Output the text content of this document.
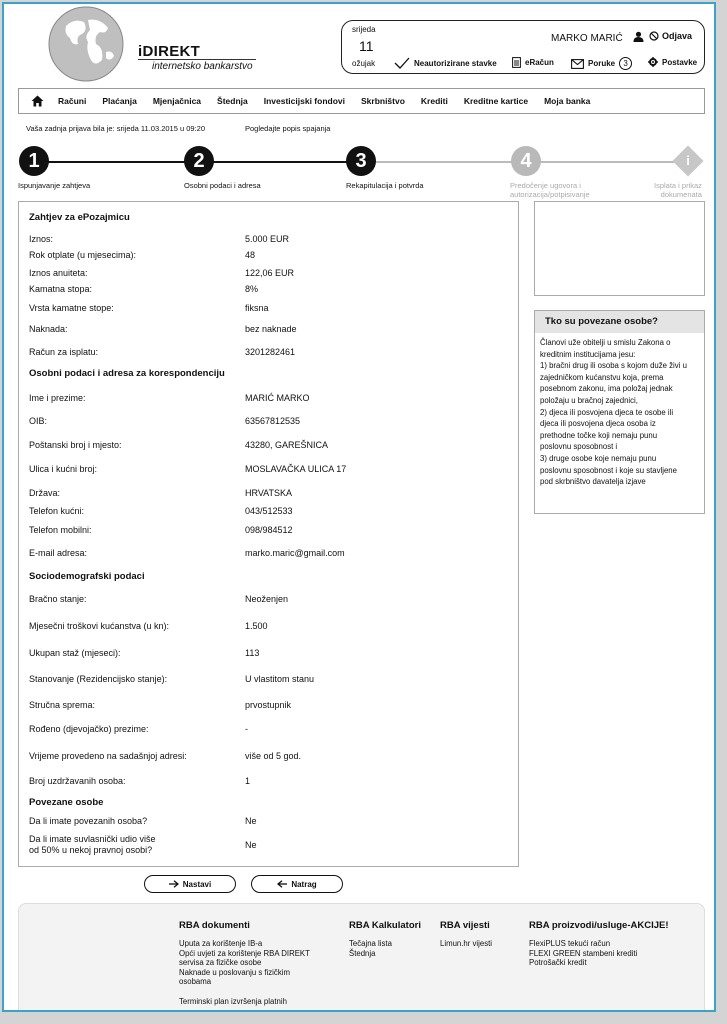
iDIREKT
internetsko bankarstvo
srijeda
11
ožujak
MARKO MARIĆ	Odjava
Neautorizirane stavke	eRačun	Poruke	3	Postavke
Računi Plaćanja Mjenjačnica Štednja Investicijski fondovi Skrbništvo Krediti Kreditne kartice Moja banka
Vaša zadnja prijava bila je: srijeda 11.03.2015 u 09:20	Pogledajte popis spajanja
1	2	3	4	i
Ispunjavanje zahtjeva	Osobni podaci i adresa	Rekapitulacija i potvrda	Predočenje ugovora i
autorizacija/potpisivanje
Isplata i prikaz
dokumenata
Zahtjev za ePozajmicu
Iznos:	5.000 EUR
Rok otplate (u mjesecima):	48
Iznos anuiteta:	122,06 EUR
Kamatna stopa:	8%
Vrsta kamatne stope:	fiksna
Naknada:	bez naknade
Račun za isplatu:	3201282461
Osobni podaci i adresa za korespondenciju
Ime i prezime:	MARIĆ MARKO
OIB:	63567812535
Poštanski broj i mjesto:	43280, GAREŠNICA
Ulica i kućni broj:	MOSLAVAČKA ULICA 17
Država:	HRVATSKA
Telefon kućni:	043/512533
Telefon mobilni:	098/984512
E-mail adresa:	marko.maric@gmail.com
Sociodemografski podaci
Bračno stanje:	Neoženjen
Mjesečni troškovi kućanstva (u kn):	1.500
Ukupan staž (mjeseci):	113
Stanovanje (Rezidencijsko stanje):	U vlastitom stanu
Stručna sprema:	prvostupnik
Rođeno (djevojačko) prezime:	-
Vrijeme provedeno na sadašnjoj adresi:	više od 5 god.
Broj uzdržavanih osoba:	1
Povezane osobe
Da li imate povezanih osoba?	Ne
Da li imate suvlasnički udio više
od 50% u nekoj pravnoj osobi?	Ne
Tko su povezane osobe?
Članovi uže obitelji u smislu Zakona o
kreditnim institucijama jesu:
1) bračni drug ili osoba s kojom duže živi u
zajedničkom kućanstvu koja, prema
posebnom zakonu, ima položaj jednak
položaju u bračnoj zajednici,
2) djeca ili posvojena djeca te osobe ili
djeca ili posvojena djeca osoba iz
prethodne točke koji nemaju punu
poslovnu sposobnost i
3) druge osobe koje nemaju punu
poslovnu sposobnost i koje su stavljene
pod skrbništvo davatelja izjave
Nastavi	Natrag
RBA dokumenti
Uputa za korištenje IB-a
Opći uvjeti za korištenje RBA DIREKT
servisa za fizičke osobe
Naknade u poslovanju s fizičkim
osobama
Terminski plan izvršenja platnih
RBA Kalkulatori
Tečajna lista
Štednja
RBA vijesti
Limun.hr vijesti
RBA proizvodi/usluge-AKCIJE!
FlexiPLUS tekući račun
FLEXI GREEN stambeni krediti
Potrošački kredit
